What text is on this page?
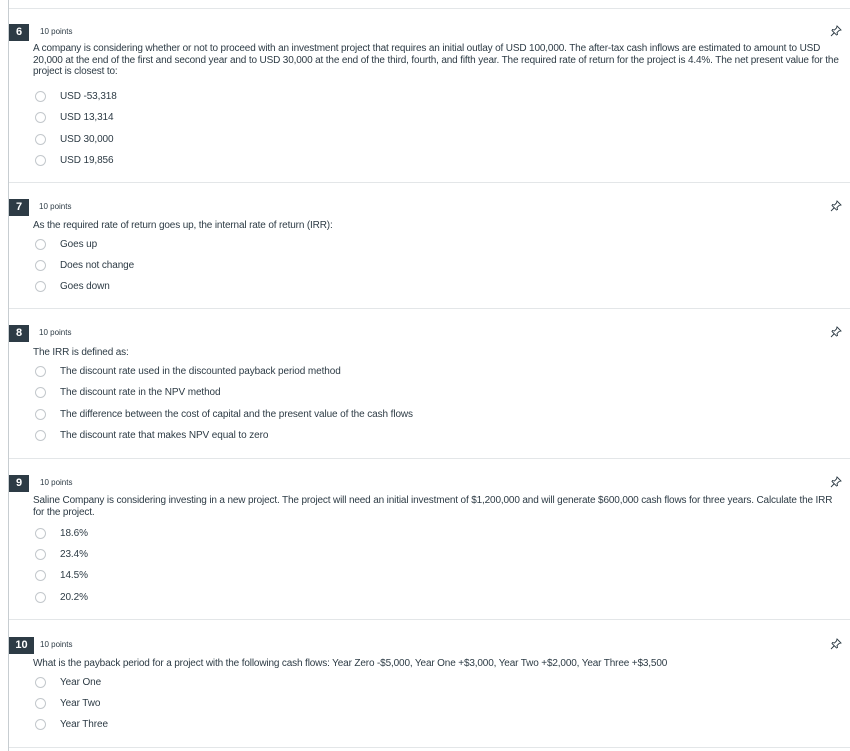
6	10 points
A company is considering whether or not to proceed with an investment project that requires an initial outlay of USD 100,000. The after-tax cash inflows are estimated to amount to USD 20,000 at the end of the first and second year and to USD 30,000 at the end of the third, fourth, and fifth year. The required rate of return for the project is 4.4%. The net present value for the project is closest to:
USD -53,318
USD 13,314
USD 30,000
USD 19,856
7	10 points
As the required rate of return goes up, the internal rate of return (IRR):
Goes up
Does not change
Goes down
8	10 points
The IRR is defined as:
The discount rate used in the discounted payback period method
The discount rate in the NPV method
The difference between the cost of capital and the present value of the cash flows
The discount rate that makes NPV equal to zero
9	10 points
Saline Company is considering investing in a new project. The project will need an initial investment of $1,200,000 and will generate $600,000 cash flows for three years. Calculate the IRR for the project.
18.6%
23.4%
14.5%
20.2%
10	10 points
What is the payback period for a project with the following cash flows: Year Zero -$5,000, Year One +$3,000, Year Two +$2,000, Year Three +$3,500
Year One
Year Two
Year Three
